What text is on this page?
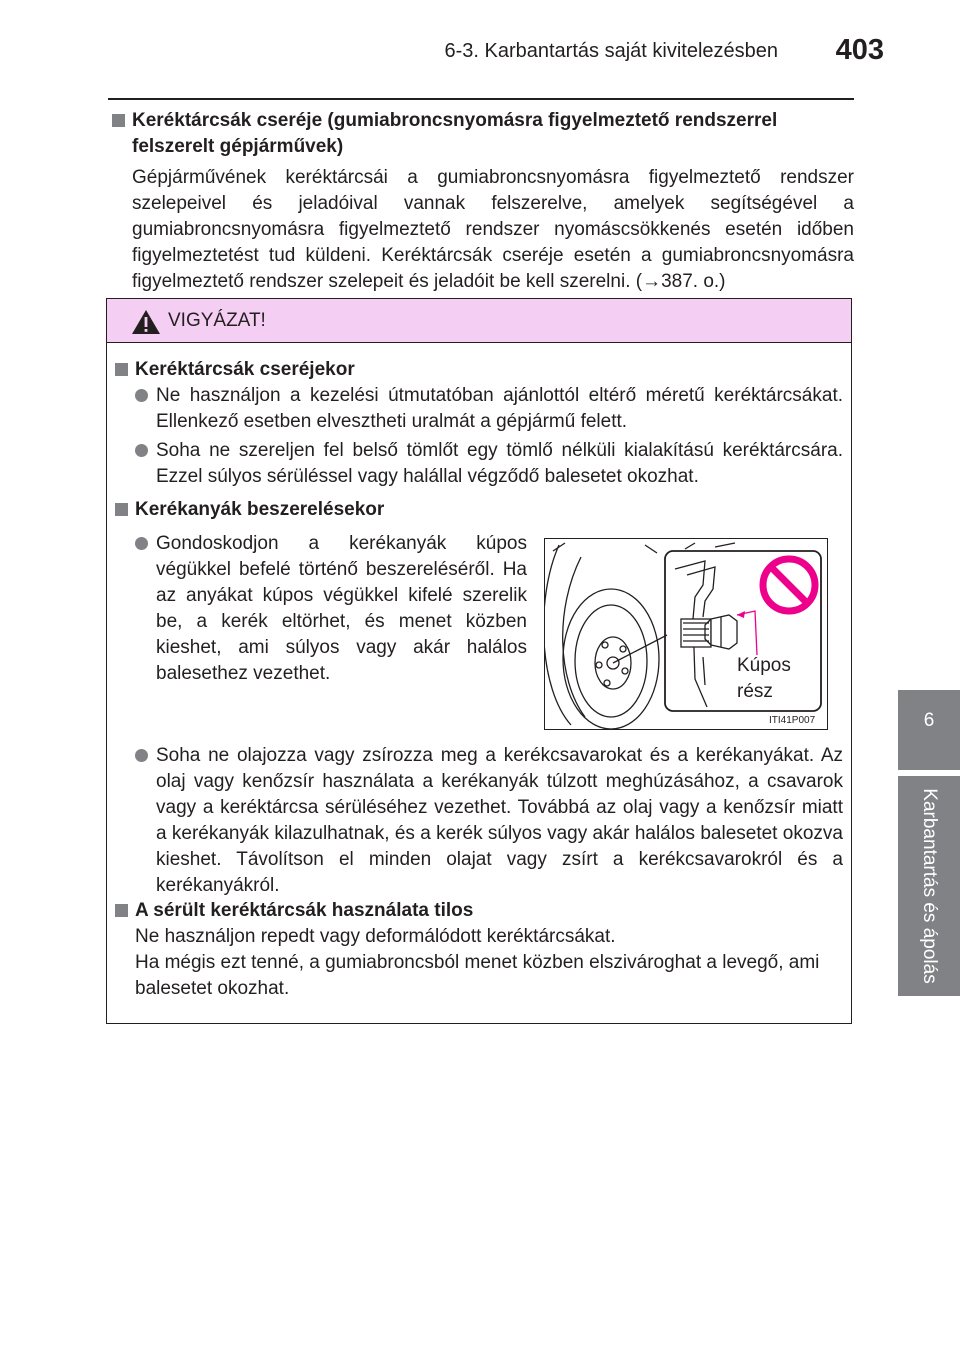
6-3. Karbantartás saját kivitelezésben 403
6
Karbantartás és ápolás
Keréktárcsák cseréje (gumiabroncsnyomásra figyelmeztető rendszerrel felszerelt gépjárművek)
Gépjárművének keréktárcsái a gumiabroncsnyomásra figyelmeztető rendszer szelepeivel és jeladóival vannak felszerelve, amelyek segítségével a gumiabroncsnyomásra figyelmeztető rendszer nyomáscsökkenés esetén időben figyelmeztetést tud küldeni. Keréktárcsák cseréje esetén a gumiabroncsnyomásra figyelmeztető rendszer szelepeit és jeladóit be kell szerelni. (→387. o.)
VIGYÁZAT!
Keréktárcsák cseréjekor
Ne használjon a kezelési útmutatóban ajánlottól eltérő méretű keréktárcsákat. Ellenkező esetben elvesztheti uralmát a gépjármű felett.
Soha ne szereljen fel belső tömlőt egy tömlő nélküli kialakítású keréktárcsára. Ezzel súlyos sérüléssel vagy halállal végződő balesetet okozhat.
Kerékanyák beszerelésekor
Gondoskodjon a kerékanyák kúpos végükkel befelé történő beszereléséről. Ha az anyákat kúpos végükkel kifelé szerelik be, a kerék eltörhet, és menet közben kieshet, ami súlyos vagy akár halálos balesethez vezethet.	Kúpos
rész
ITI41P007
Soha ne olajozza vagy zsírozza meg a kerékcsavarokat és a kerékanyákat. Az olaj vagy kenőzsír használata a kerékanyák túlzott meghúzásához, a csavarok vagy a keréktárcsa sérüléséhez vezethet. Továbbá az olaj vagy a kenőzsír miatt a kerékanyák kilazulhatnak, és a kerék súlyos vagy akár halálos balesetet okozva kieshet. Távolítson el minden olajat vagy zsírt a kerékcsavarokról és a kerékanyákról.
A sérült keréktárcsák használata tilos
Ne használjon repedt vagy deformálódott keréktárcsákat.
Ha mégis ezt tenné, a gumiabroncsból menet közben elszivároghat a levegő, ami balesetet okozhat.
